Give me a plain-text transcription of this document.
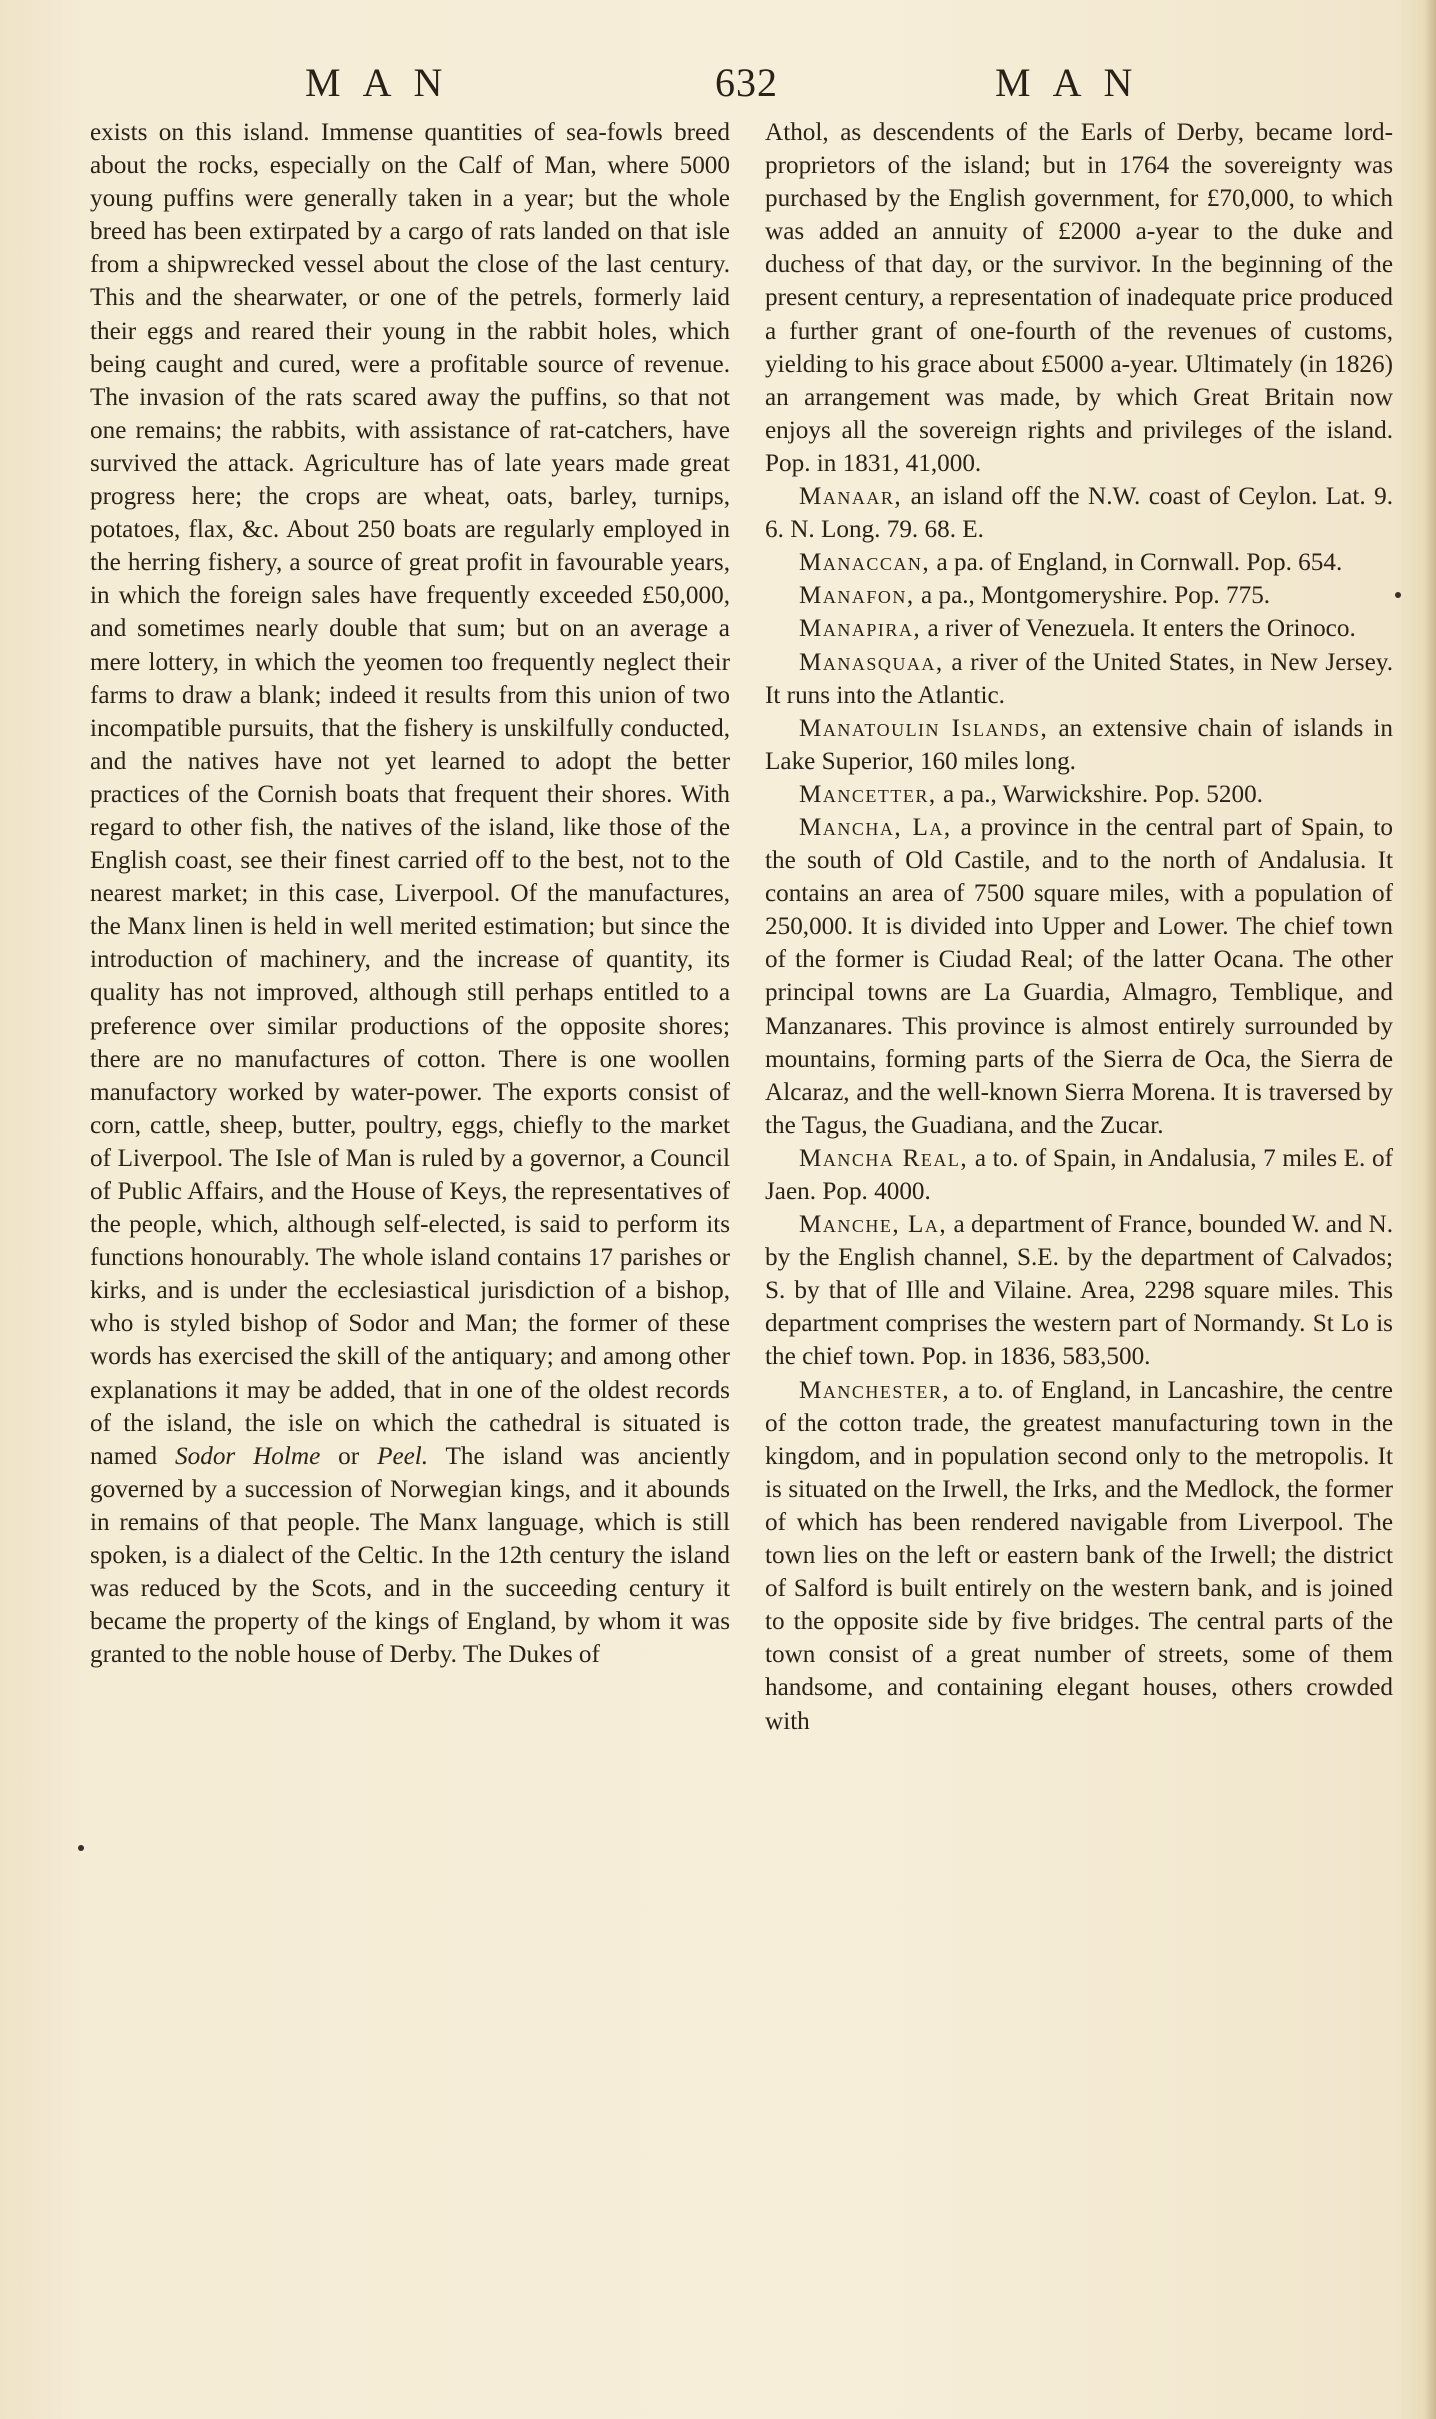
MAN	632	MAN

exists on this island. Immense quantities of sea-fowls breed about the rocks, especially on the Calf of Man, where 5000 young puffins were generally taken in a year; but the whole breed has been extirpated by a cargo of rats landed on that isle from a shipwrecked vessel about the close of the last century. This and the shearwater, or one of the petrels, formerly laid their eggs and reared their young in the rabbit holes, which being caught and cured, were a profitable source of revenue. The invasion of the rats scared away the puffins, so that not one remains; the rabbits, with assistance of rat-catchers, have survived the attack. Agriculture has of late years made great progress here; the crops are wheat, oats, barley, turnips, potatoes, flax, &c. About 250 boats are regularly employed in the herring fishery, a source of great profit in favourable years, in which the foreign sales have frequently exceeded £50,000, and sometimes nearly double that sum; but on an average a mere lottery, in which the yeomen too frequently neglect their farms to draw a blank; indeed it results from this union of two incompatible pursuits, that the fishery is unskilfully conducted, and the natives have not yet learned to adopt the better practices of the Cornish boats that frequent their shores. With regard to other fish, the natives of the island, like those of the English coast, see their finest carried off to the best, not to the nearest market; in this case, Liverpool. Of the manufactures, the Manx linen is held in well merited estimation; but since the introduction of machinery, and the increase of quantity, its quality has not improved, although still perhaps entitled to a preference over similar productions of the opposite shores; there are no manufactures of cotton. There is one woollen manufactory worked by water-power. The exports consist of corn, cattle, sheep, butter, poultry, eggs, chiefly to the market of Liverpool. The Isle of Man is ruled by a governor, a Council of Public Affairs, and the House of Keys, the representatives of the people, which, although self-elected, is said to perform its functions honourably. The whole island contains 17 parishes or kirks, and is under the ecclesiastical jurisdiction of a bishop, who is styled bishop of Sodor and Man; the former of these words has exercised the skill of the antiquary; and among other explanations it may be added, that in one of the oldest records of the island, the isle on which the cathedral is situated is named Sodor Holme or Peel. The island was anciently governed by a succession of Norwegian kings, and it abounds in remains of that people. The Manx language, which is still spoken, is a dialect of the Celtic. In the 12th century the island was reduced by the Scots, and in the succeeding century it became the property of the kings of England, by whom it was granted to the noble house of Derby. The Dukes of

Athol, as descendents of the Earls of Derby, became lord-proprietors of the island; but in 1764 the sovereignty was purchased by the English government, for £70,000, to which was added an annuity of £2000 a-year to the duke and duchess of that day, or the survivor. In the beginning of the present century, a representation of inadequate price produced a further grant of one-fourth of the revenues of customs, yielding to his grace about £5000 a-year. Ultimately (in 1826) an arrangement was made, by which Great Britain now enjoys all the sovereign rights and privileges of the island. Pop. in 1831, 41,000.

Manaar, an island off the N.W. coast of Ceylon. Lat. 9. 6. N. Long. 79. 68. E.

Manaccan, a pa. of England, in Cornwall. Pop. 654.

Manafon, a pa., Montgomeryshire. Pop. 775.

Manapira, a river of Venezuela. It enters the Orinoco.

Manasquaa, a river of the United States, in New Jersey. It runs into the Atlantic.

Manatoulin Islands, an extensive chain of islands in Lake Superior, 160 miles long.

Mancetter, a pa., Warwickshire. Pop. 5200.

Mancha, La, a province in the central part of Spain, to the south of Old Castile, and to the north of Andalusia. It contains an area of 7500 square miles, with a population of 250,000. It is divided into Upper and Lower. The chief town of the former is Ciudad Real; of the latter Ocana. The other principal towns are La Guardia, Almagro, Temblique, and Manzanares. This province is almost entirely surrounded by mountains, forming parts of the Sierra de Oca, the Sierra de Alcaraz, and the well-known Sierra Morena. It is traversed by the Tagus, the Guadiana, and the Zucar.

Mancha Real, a to. of Spain, in Andalusia, 7 miles E. of Jaen. Pop. 4000.

Manche, La, a department of France, bounded W. and N. by the English channel, S.E. by the department of Calvados; S. by that of Ille and Vilaine. Area, 2298 square miles. This department comprises the western part of Normandy. St Lo is the chief town. Pop. in 1836, 583,500.

Manchester, a to. of England, in Lancashire, the centre of the cotton trade, the greatest manufacturing town in the kingdom, and in population second only to the metropolis. It is situated on the Irwell, the Irks, and the Medlock, the former of which has been rendered navigable from Liverpool. The town lies on the left or eastern bank of the Irwell; the district of Salford is built entirely on the western bank, and is joined to the opposite side by five bridges. The central parts of the town consist of a great number of streets, some of them handsome, and containing elegant houses, others crowded with
